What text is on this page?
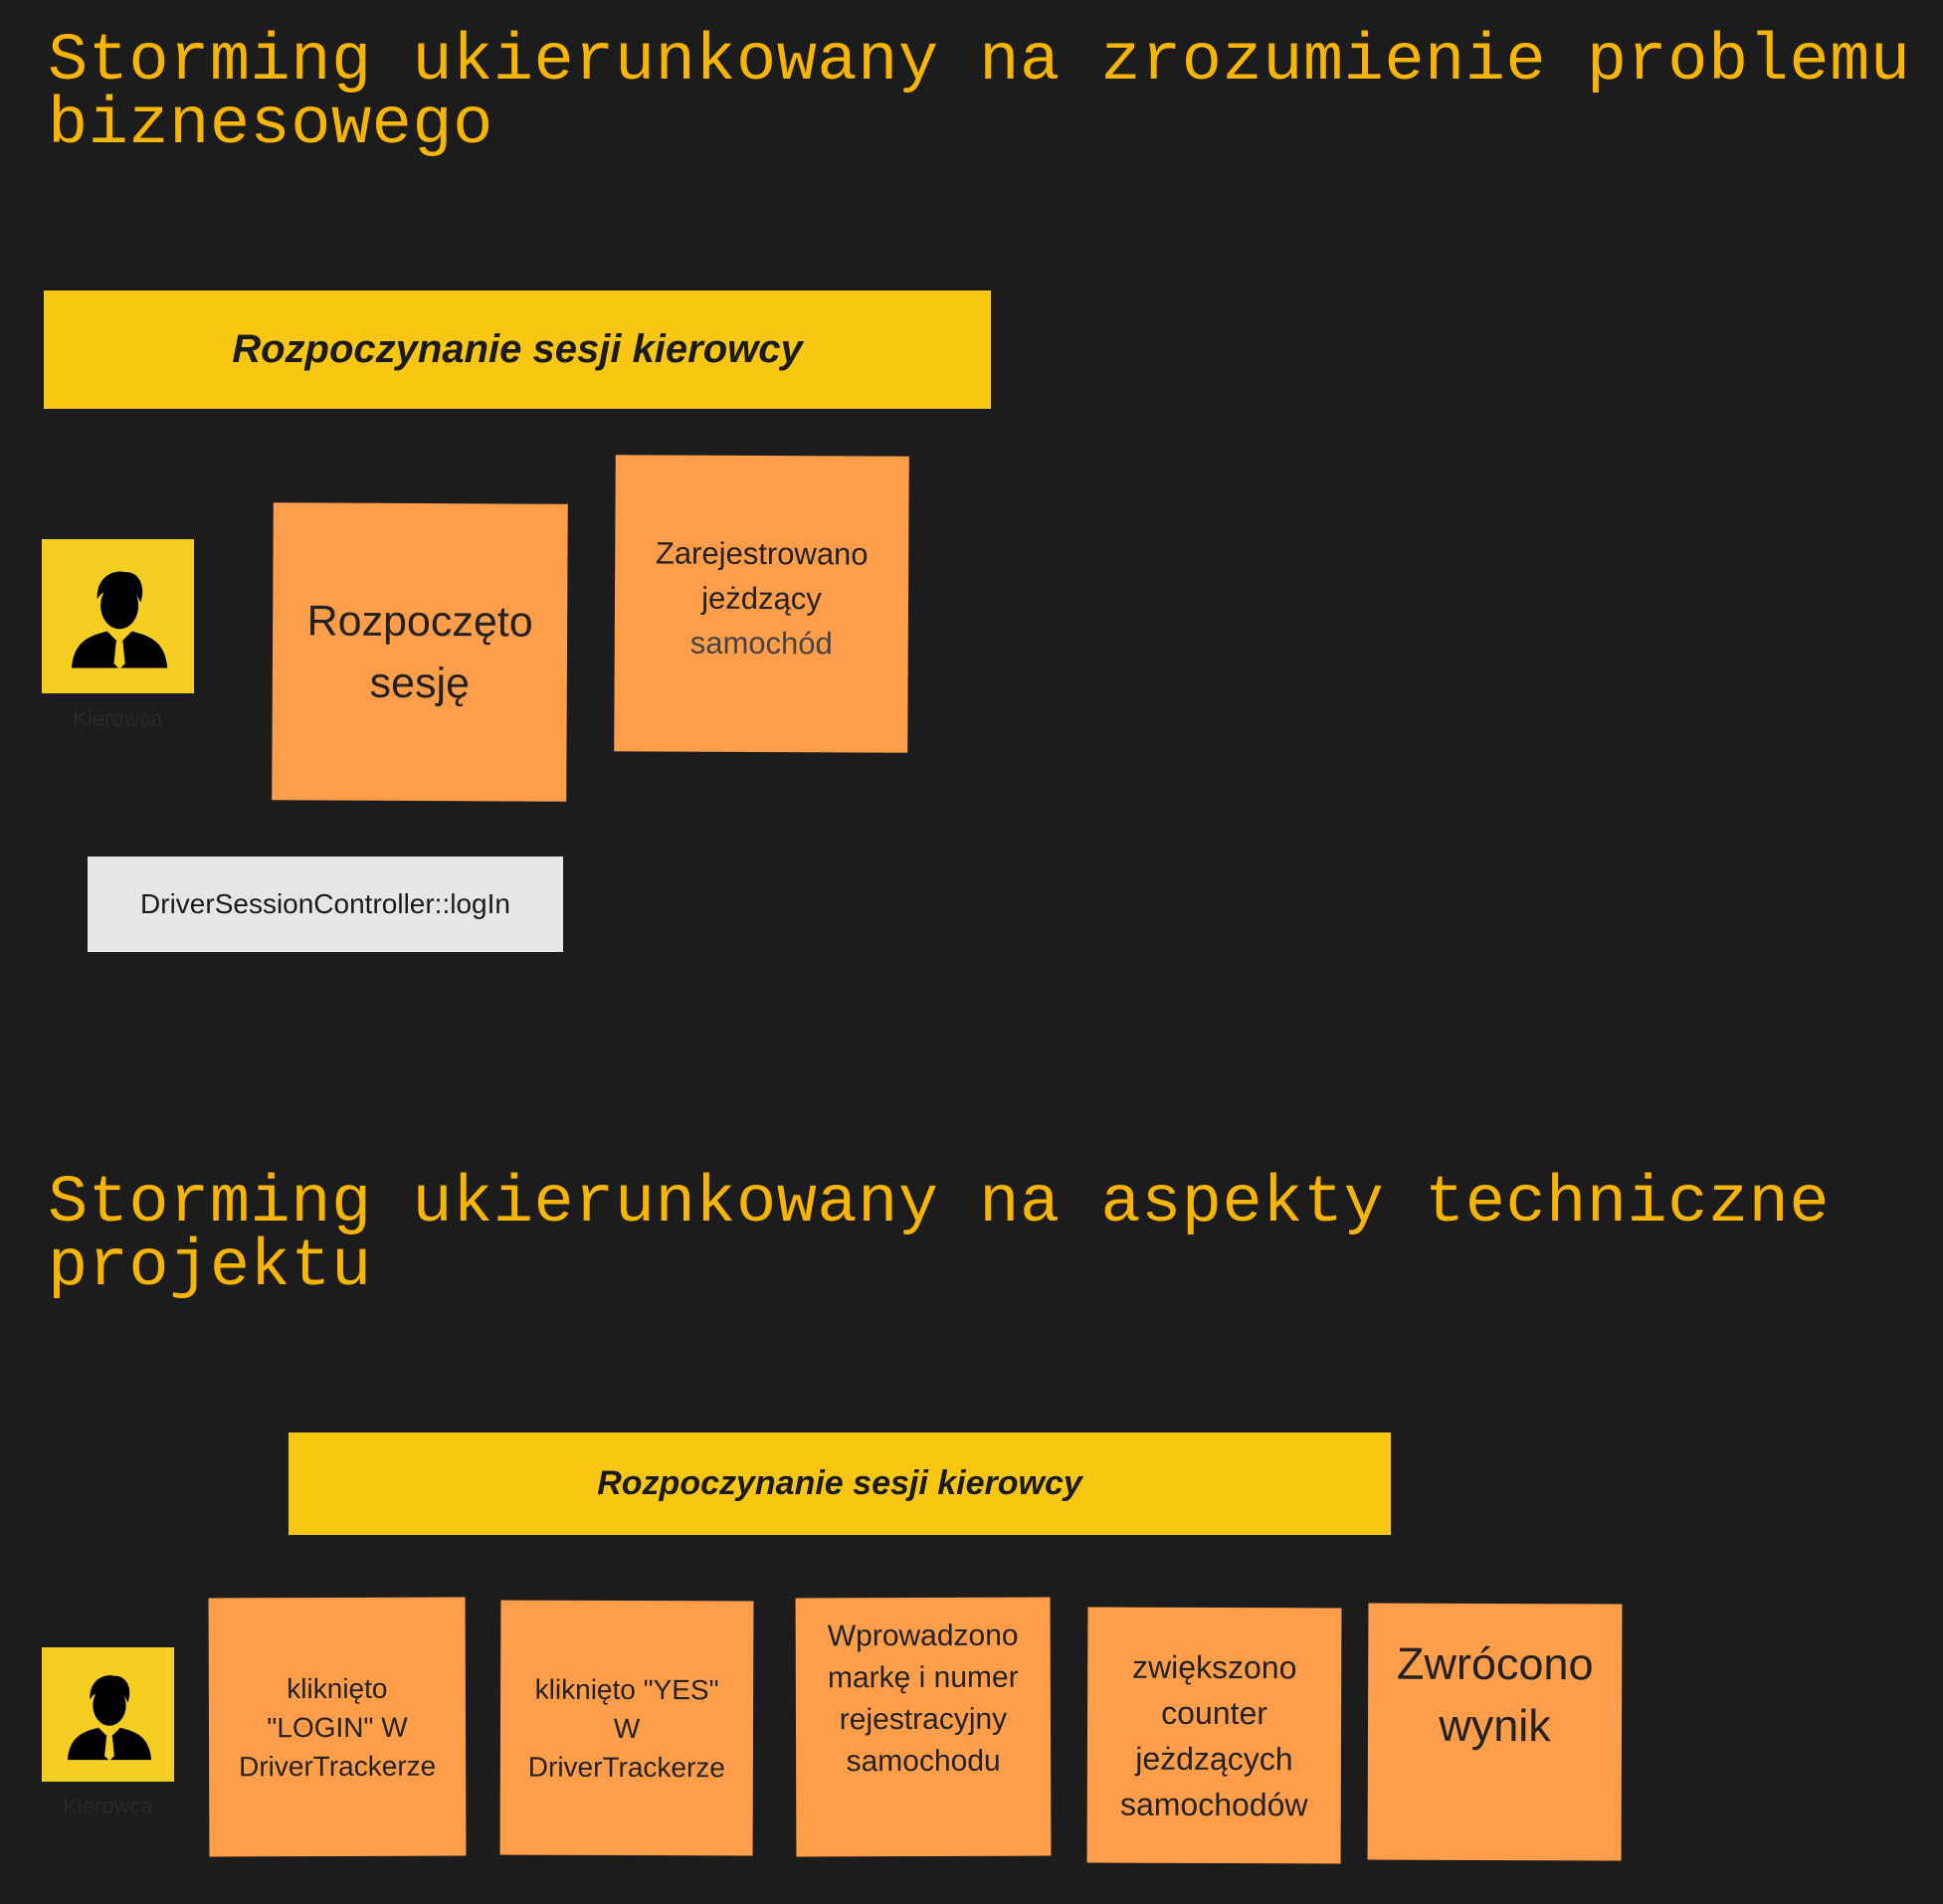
Storming ukierunkowany na zrozumienie problemu
biznesowego
Rozpoczynanie sesji kierowcy
Kierowca
Rozpoczęto
sesję
Zarejestrowano
jeżdzący
samochód
DriverSessionController::logIn
Storming ukierunkowany na aspekty techniczne
projektu
Rozpoczynanie sesji kierowcy
Kierowca
kliknięto
"LOGIN" W
DriverTrackerze
kliknięto "YES"
W
DriverTrackerze
Wprowadzono
markę i numer
rejestracyjny
samochodu
zwiększono
counter
jeżdzących
samochodów
Zwrócono
wynik
